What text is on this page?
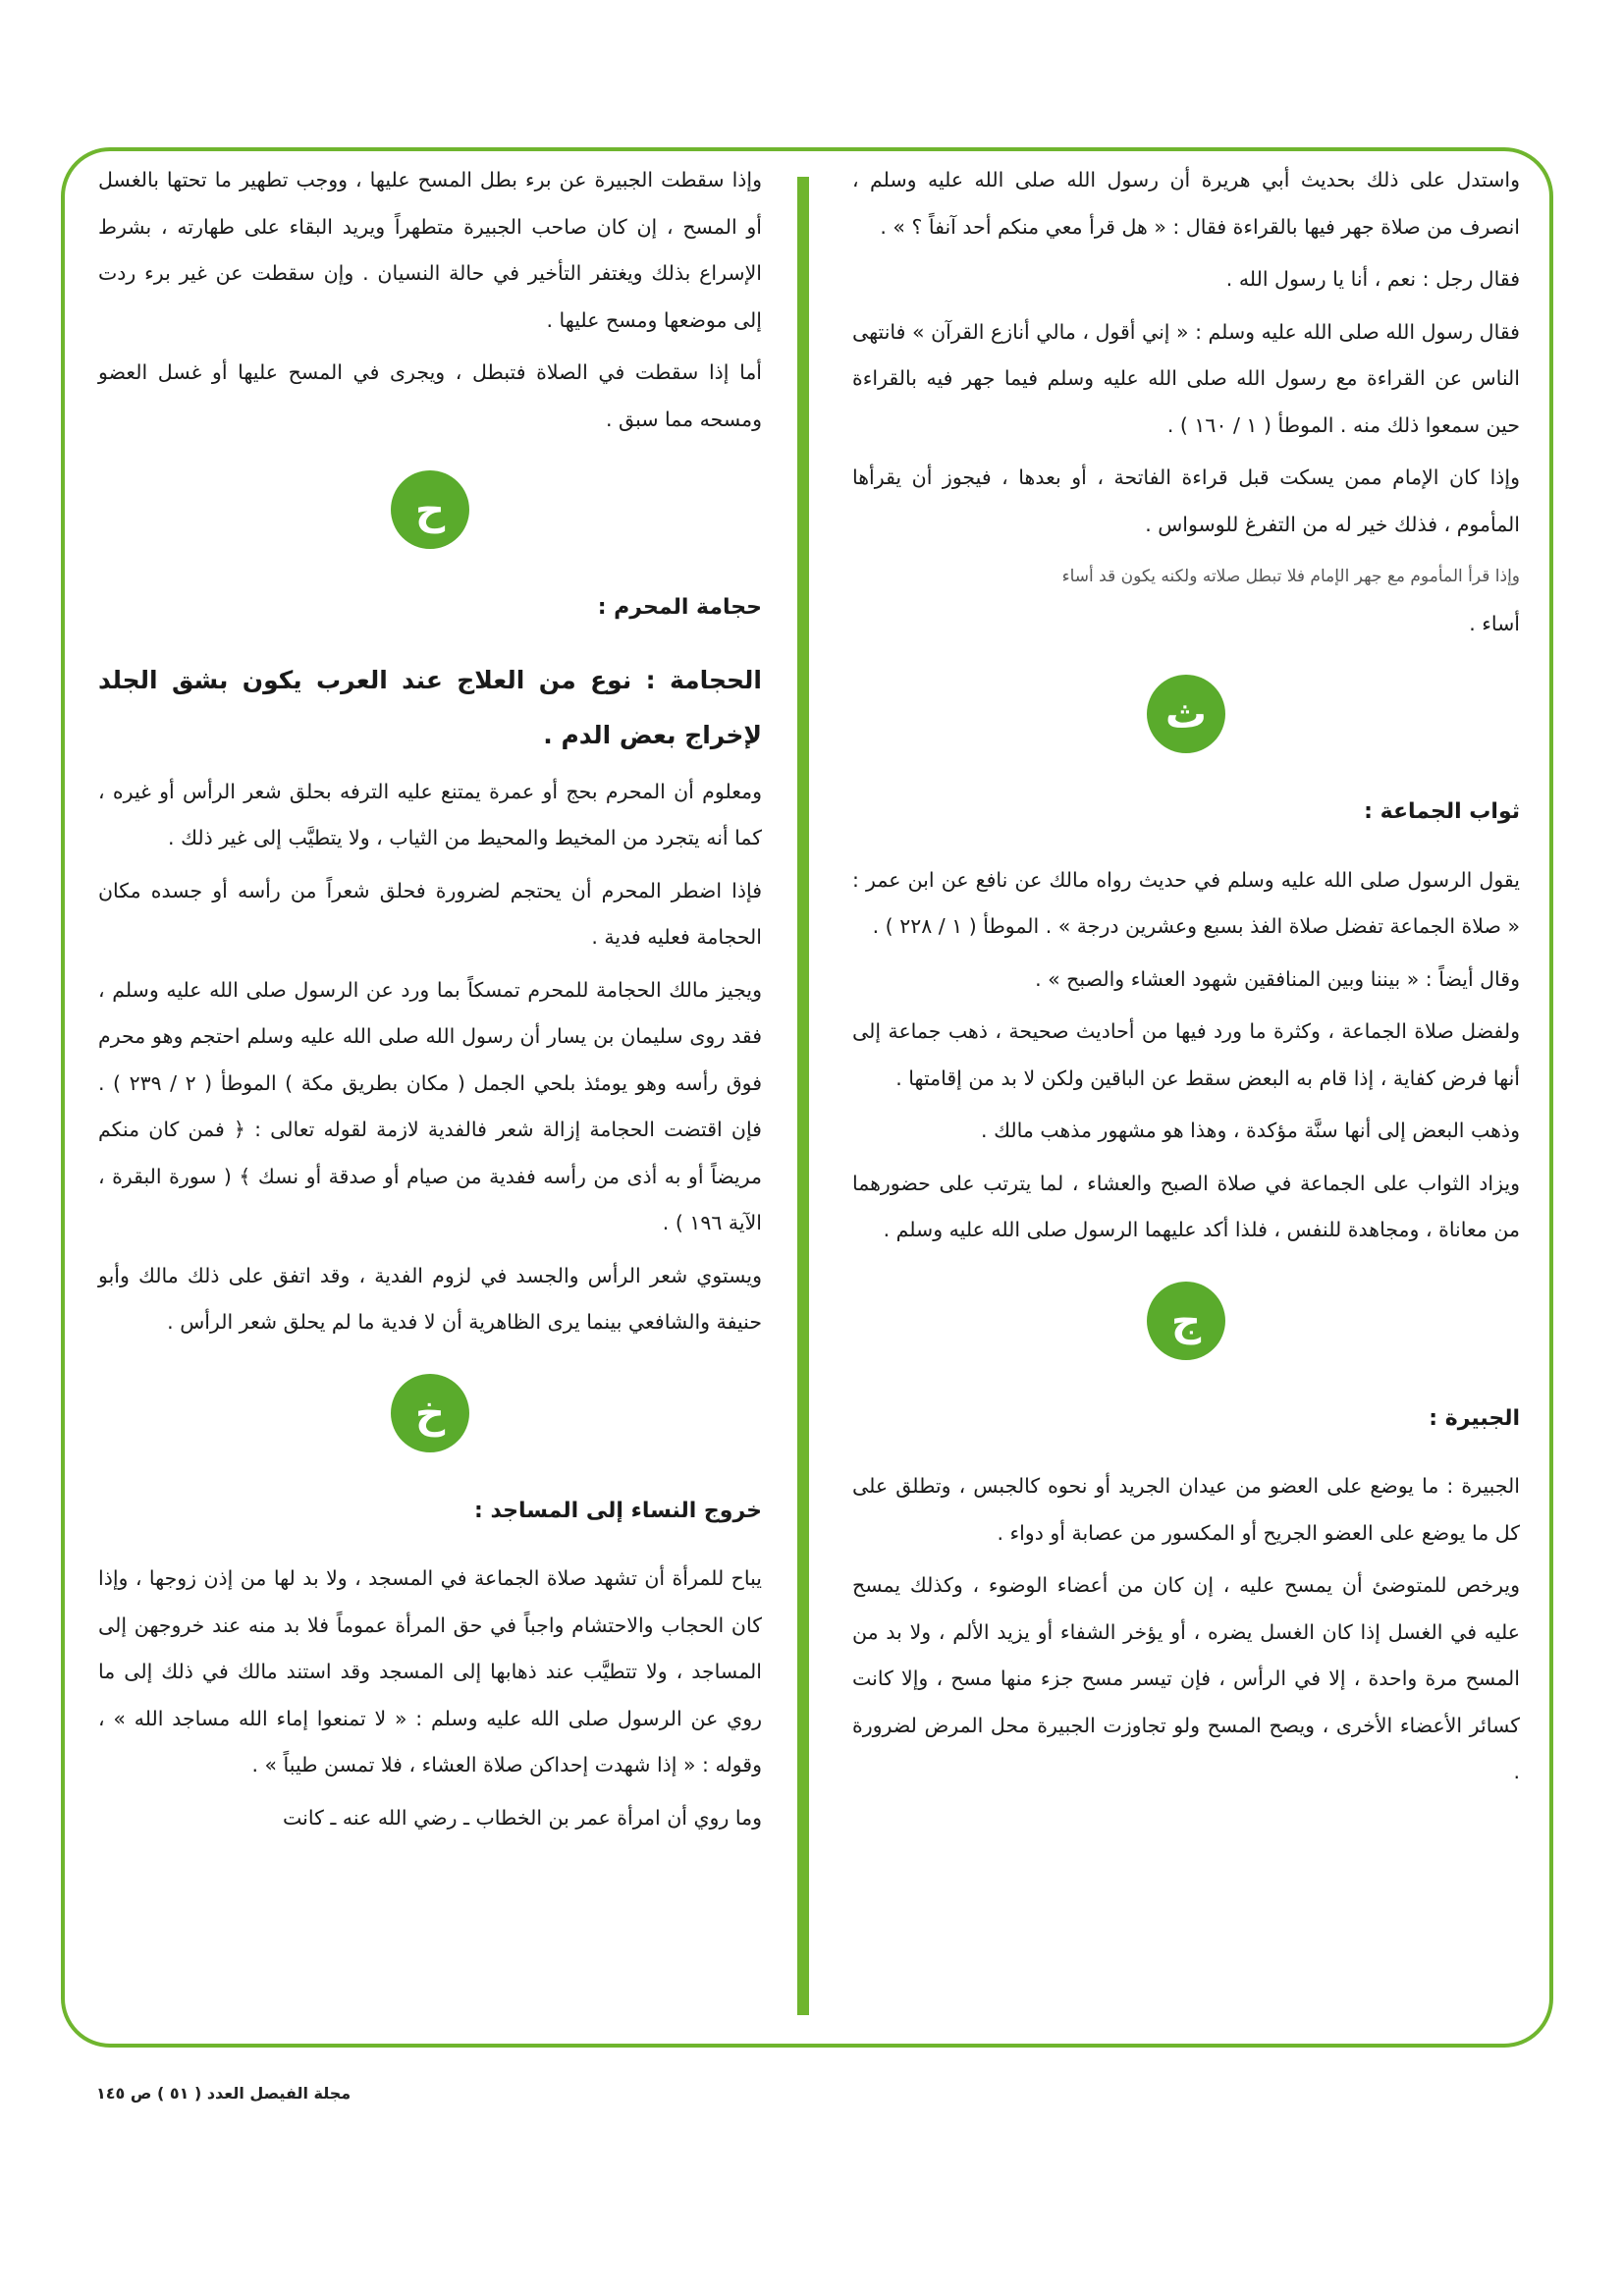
واستدل على ذلك بحديث أبي هريرة أن رسول الله صلى الله عليه وسلم ، انصرف من صلاة جهر فيها بالقراءة فقال : « هل قرأ معي منكم أحد آنفاً ؟ » .

فقال رجل : نعم ، أنا يا رسول الله .

فقال رسول الله صلى الله عليه وسلم : « إني أقول ، مالي أنازع القرآن » فانتهى الناس عن القراءة مع رسول الله صلى الله عليه وسلم فيما جهر فيه بالقراءة حين سمعوا ذلك منه . الموطأ ( ١ / ١٦٠ ) .

وإذا كان الإمام ممن يسكت قبل قراءة الفاتحة ، أو بعدها ، فيجوز أن يقرأها المأموم ، فذلك خير له من التفرغ للوسواس .

وإذا قرأ المأموم مع جهر الإمام فلا تبطل صلاته ولكنه يكون قد أساء

أساء .

ث
ثواب الجماعة :

يقول الرسول صلى الله عليه وسلم في حديث رواه مالك عن نافع عن ابن عمر : « صلاة الجماعة تفضل صلاة الفذ بسبع وعشرين درجة » . الموطأ ( ١ / ٢٢٨ ) .

وقال أيضاً : « بيننا وبين المنافقين شهود العشاء والصبح » .

ولفضل صلاة الجماعة ، وكثرة ما ورد فيها من أحاديث صحيحة ، ذهب جماعة إلى أنها فرض كفاية ، إذا قام به البعض سقط عن الباقين ولكن لا بد من إقامتها .

وذهب البعض إلى أنها سنَّة مؤكدة ، وهذا هو مشهور مذهب مالك .

ويزاد الثواب على الجماعة في صلاة الصبح والعشاء ، لما يترتب على حضورهما من معاناة ، ومجاهدة للنفس ، فلذا أكد عليهما الرسول صلى الله عليه وسلم .

ج
الجبيرة :

الجبيرة : ما يوضع على العضو من عيدان الجريد أو نحوه كالجبس ، وتطلق على كل ما يوضع على العضو الجريح أو المكسور من عصابة أو دواء .

ويرخص للمتوضئ أن يمسح عليه ، إن كان من أعضاء الوضوء ، وكذلك يمسح عليه في الغسل إذا كان الغسل يضره ، أو يؤخر الشفاء أو يزيد الألم ، ولا بد من المسح مرة واحدة ، إلا في الرأس ، فإن تيسر مسح جزء منها مسح ، وإلا كانت كسائر الأعضاء الأخرى ، ويصح المسح ولو تجاوزت الجبيرة محل المرض لضرورة .

وإذا سقطت الجبيرة عن برء بطل المسح عليها ، ووجب تطهير ما تحتها بالغسل أو المسح ، إن كان صاحب الجبيرة متطهراً ويريد البقاء على طهارته ، بشرط الإسراع بذلك ويغتفر التأخير في حالة النسيان . وإن سقطت عن غير برء ردت إلى موضعها ومسح عليها .

أما إذا سقطت في الصلاة فتبطل ، ويجرى في المسح عليها أو غسل العضو ومسحه مما سبق .

ح
حجامة المحرم :

الحجامة : نوع من العلاج عند العرب يكون بشق الجلد لإخراج بعض الدم .

ومعلوم أن المحرم بحج أو عمرة يمتنع عليه الترفه بحلق شعر الرأس أو غيره ، كما أنه يتجرد من المخيط والمحيط من الثياب ، ولا يتطيَّب إلى غير ذلك .

فإذا اضطر المحرم أن يحتجم لضرورة فحلق شعراً من رأسه أو جسده مكان الحجامة فعليه فدية .

ويجيز مالك الحجامة للمحرم تمسكاً بما ورد عن الرسول صلى الله عليه وسلم ، فقد روى سليمان بن يسار أن رسول الله صلى الله عليه وسلم احتجم وهو محرم فوق رأسه وهو يومئذ بلحي الجمل ( مكان بطريق مكة ) الموطأ ( ٢ / ٢٣٩ ) . فإن اقتضت الحجامة إزالة شعر فالفدية لازمة لقوله تعالى : ﴿ فمن كان منكم مريضاً أو به أذى من رأسه ففدية من صيام أو صدقة أو نسك ﴾ ( سورة البقرة ، الآية ١٩٦ ) .

ويستوي شعر الرأس والجسد في لزوم الفدية ، وقد اتفق على ذلك مالك وأبو حنيفة والشافعي بينما يرى الظاهرية أن لا فدية ما لم يحلق شعر الرأس .

خ
خروج النساء إلى المساجد :

يباح للمرأة أن تشهد صلاة الجماعة في المسجد ، ولا بد لها من إذن زوجها ، وإذا كان الحجاب والاحتشام واجباً في حق المرأة عموماً فلا بد منه عند خروجهن إلى المساجد ، ولا تتطيَّب عند ذهابها إلى المسجد وقد استند مالك في ذلك إلى ما روي عن الرسول صلى الله عليه وسلم : « لا تمنعوا إماء الله مساجد الله » ، وقوله : « إذا شهدت إحداكن صلاة العشاء ، فلا تمسن طيباً » .

وما روي أن امرأة عمر بن الخطاب ـ رضي الله عنه ـ كانت

مجلة الفيصل العدد ( ٥١ ) ص ١٤٥
